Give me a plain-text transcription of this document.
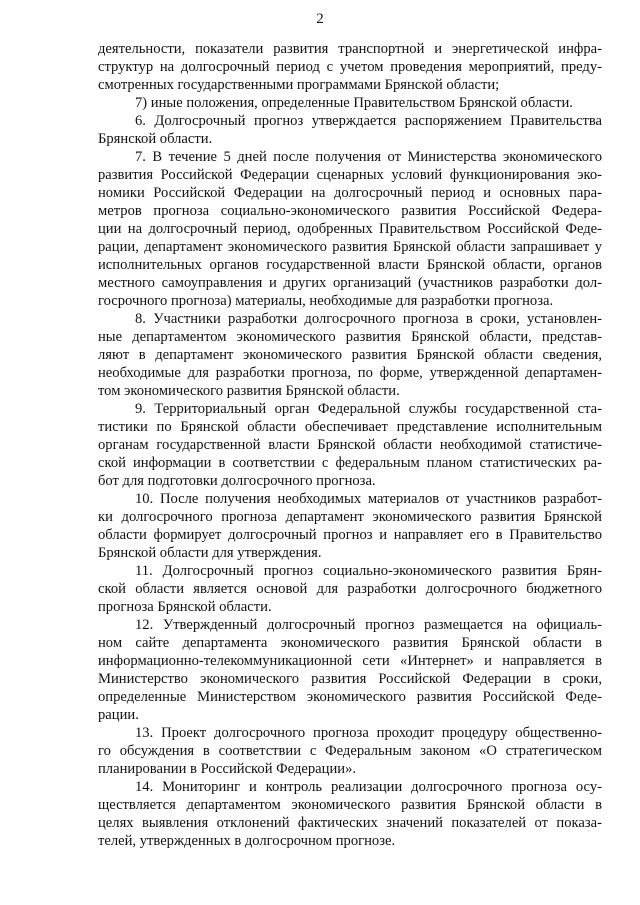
2
деятельности, показатели развития транспортной и энергетической инфра-
структур на долгосрочный период с учетом проведения мероприятий, преду-
смотренных государственными программами Брянской области;
7) иные положения, определенные Правительством Брянской области.
6. Долгосрочный прогноз утверждается распоряжением Правительства
Брянской области.
7. В течение 5 дней после получения от Министерства экономического
развития Российской Федерации сценарных условий функционирования эко-
номики Российской Федерации на долгосрочный период и основных пара-
метров прогноза социально-экономического развития Российской Федера-
ции на долгосрочный период, одобренных Правительством Российской Феде-
рации, департамент экономического развития Брянской области запрашивает у
исполнительных органов государственной власти Брянской области, органов
местного самоуправления и других организаций (участников разработки дол-
госрочного прогноза) материалы, необходимые для разработки прогноза.
8. Участники разработки долгосрочного прогноза в сроки, установлен-
ные департаментом экономического развития Брянской области, представ-
ляют в департамент экономического развития Брянской области сведения,
необходимые для разработки прогноза, по форме, утвержденной департамен-
том экономического развития Брянской области.
9. Территориальный орган Федеральной службы государственной ста-
тистики по Брянской области обеспечивает представление исполнительным
органам государственной власти Брянской области необходимой статистиче-
ской информации в соответствии с федеральным планом статистических ра-
бот для подготовки долгосрочного прогноза.
10. После получения необходимых материалов от участников разработ-
ки долгосрочного прогноза департамент экономического развития Брянской
области формирует долгосрочный прогноз и направляет его в Правительство
Брянской области для утверждения.
11. Долгосрочный прогноз социально-экономического развития Брян-
ской области является основой для разработки долгосрочного бюджетного
прогноза Брянской области.
12. Утвержденный долгосрочный прогноз размещается на официаль-
ном сайте департамента экономического развития Брянской области в
информационно-телекоммуникационной сети «Интернет» и направляется в
Министерство экономического развития Российской Федерации в сроки,
определенные Министерством экономического развития Российской Феде-
рации.
13. Проект долгосрочного прогноза проходит процедуру общественно-
го обсуждения в соответствии с Федеральным законом «О стратегическом
планировании в Российской Федерации».
14. Мониторинг и контроль реализации долгосрочного прогноза осу-
ществляется департаментом экономического развития Брянской области в
целях выявления отклонений фактических значений показателей от показа-
телей, утвержденных в долгосрочном прогнозе.
